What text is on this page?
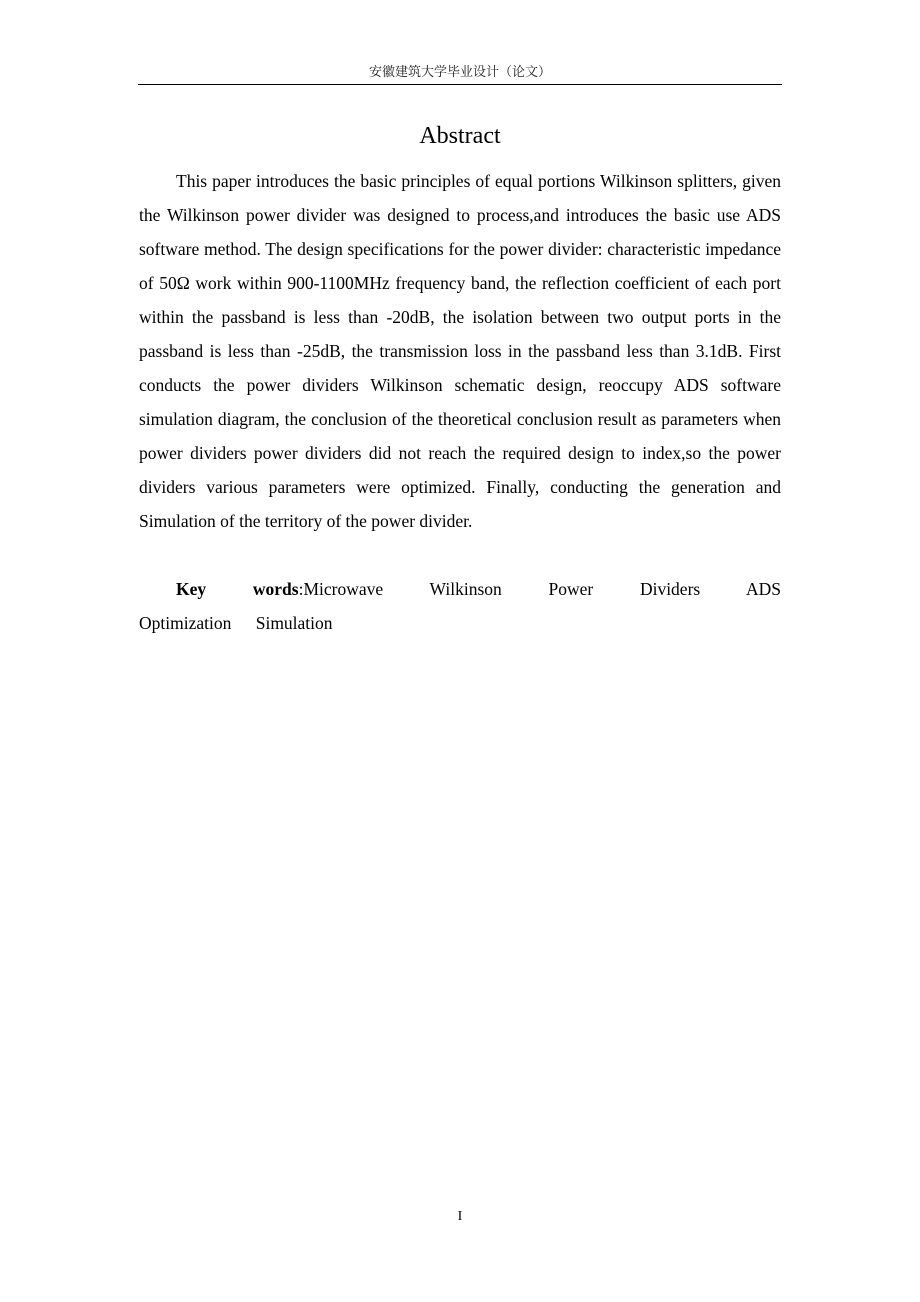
安徽建筑大学毕业设计（论文）
Abstract

This paper introduces the basic principles of equal portions Wilkinson splitters, given the Wilkinson power divider was designed to process,and introduces the basic use ADS software method. The design specifications for the power divider: characteristic impedance of 50Ω work within 900-1100MHz frequency band, the reflection coefficient of each port within the passband is less than -20dB, the isolation between two output ports in the passband is less than -25dB, the transmission loss in the passband less than 3.1dB. First conducts the power dividers Wilkinson schematic design, reoccupy ADS software simulation diagram, the conclusion of the theoretical conclusion result as parameters when power dividers power dividers did not reach the required design to index,so the power dividers various parameters were optimized. Finally, conducting the generation and Simulation of the territory of the power divider.

Key	words:Microwave Wilkinson Power Dividers ADS Optimization Simulation

I
